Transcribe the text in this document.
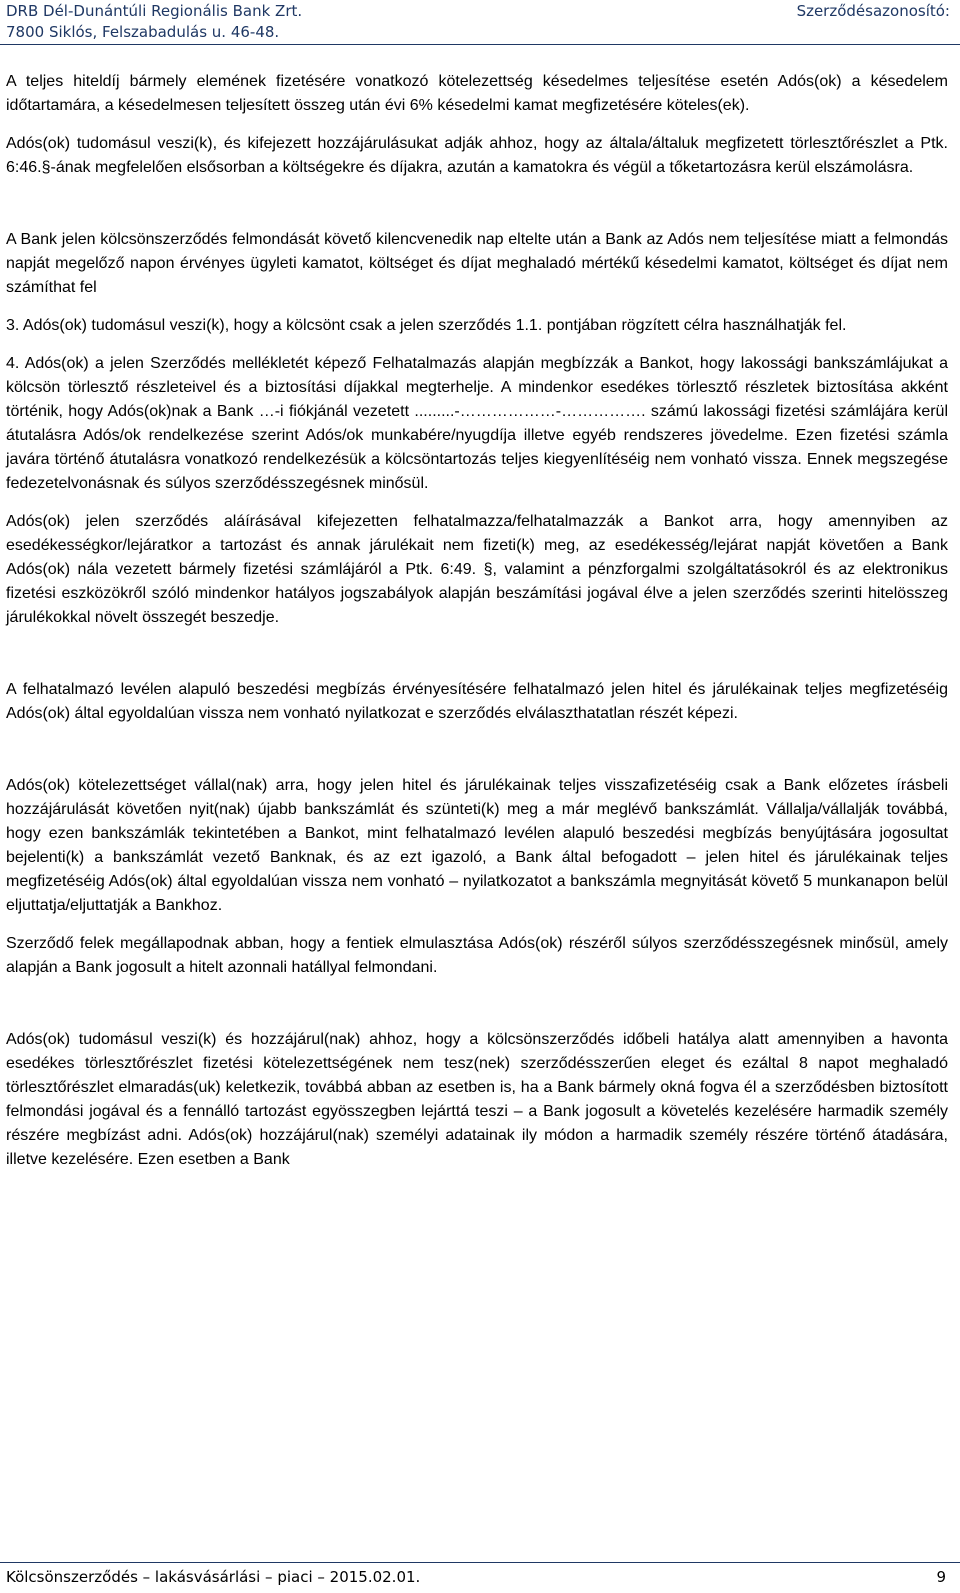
DRB Dél-Dunántúli Regionális Bank Zrt.
7800 Siklós, Felszabadulás u. 46-48.
Szerződésazonosító:

A teljes hiteldíj bármely elemének fizetésére vonatkozó kötelezettség késedelmes teljesítése esetén Adós(ok) a késedelem időtartamára, a késedelmesen teljesített összeg után évi 6% késedelmi kamat megfizetésére köteles(ek).

Adós(ok) tudomásul veszi(k), és kifejezett hozzájárulásukat adják ahhoz, hogy az általa/általuk megfizetett törlesztőrészlet a Ptk. 6:46.§-ának megfelelően elsősorban a költségekre és díjakra, azután a kamatokra és végül a tőketartozásra kerül elszámolásra.

A Bank jelen kölcsönszerződés felmondását követő kilencvenedik nap eltelte után a Bank az Adós nem teljesítése miatt a felmondás napját megelőző napon érvényes ügyleti kamatot, költséget és díjat meghaladó mértékű késedelmi kamatot, költséget és díjat nem számíthat fel

3. Adós(ok) tudomásul veszi(k), hogy a kölcsönt csak a jelen szerződés 1.1. pontjában rögzített célra használhatják fel.

4. Adós(ok) a jelen Szerződés mellékletét képező Felhatalmazás alapján megbízzák a Bankot, hogy lakossági bankszámlájukat a kölcsön törlesztő részleteivel és a biztosítási díjakkal megterhelje. A mindenkor esedékes törlesztő részletek biztosítása akként történik, hogy Adós(ok)nak a Bank …-i fiókjánál vezetett .........-………………-……………. számú lakossági fizetési számlájára kerül átutalásra Adós/ok rendelkezése szerint Adós/ok munkabére/nyugdíja illetve egyéb rendszeres jövedelme. Ezen fizetési számla javára történő átutalásra vonatkozó rendelkezésük a kölcsöntartozás teljes kiegyenlítéséig nem vonható vissza. Ennek megszegése fedezetelvonásnak és súlyos szerződésszegésnek minősül.

Adós(ok) jelen szerződés aláírásával kifejezetten felhatalmazza/felhatalmazzák a Bankot arra, hogy amennyiben az esedékességkor/lejáratkor a tartozást és annak járulékait nem fizeti(k) meg, az esedékesség/lejárat napját követően a Bank Adós(ok) nála vezetett bármely fizetési számlájáról a Ptk. 6:49. §, valamint a pénzforgalmi szolgáltatásokról és az elektronikus fizetési eszközökről szóló mindenkor hatályos jogszabályok alapján beszámítási jogával élve a jelen szerződés szerinti hitelösszeg járulékokkal növelt összegét beszedje.

A felhatalmazó levélen alapuló beszedési megbízás érvényesítésére felhatalmazó jelen hitel és járulékainak teljes megfizetéséig Adós(ok) által egyoldalúan vissza nem vonható nyilatkozat e szerződés elválaszthatatlan részét képezi.

Adós(ok) kötelezettséget vállal(nak) arra, hogy jelen hitel és járulékainak teljes visszafizetéséig csak a Bank előzetes írásbeli hozzájárulását követően nyit(nak) újabb bankszámlát és szünteti(k) meg a már meglévő bankszámlát. Vállalja/vállalják továbbá, hogy ezen bankszámlák tekintetében a Bankot, mint felhatalmazó levélen alapuló beszedési megbízás benyújtására jogosultat bejelenti(k) a bankszámlát vezető Banknak, és az ezt igazoló, a Bank által befogadott – jelen hitel és járulékainak teljes megfizetéséig Adós(ok) által egyoldalúan vissza nem vonható – nyilatkozatot a bankszámla megnyitását követő 5 munkanapon belül eljuttatja/eljuttatják a Bankhoz.

Szerződő felek megállapodnak abban, hogy a fentiek elmulasztása Adós(ok) részéről súlyos szerződésszegésnek minősül, amely alapján a Bank jogosult a hitelt azonnali hatállyal felmondani.

Adós(ok) tudomásul veszi(k) és hozzájárul(nak) ahhoz, hogy a kölcsönszerződés időbeli hatálya alatt amennyiben a havonta esedékes törlesztőrészlet fizetési kötelezettségének nem tesz(nek) szerződésszerűen eleget és ezáltal 8 napot meghaladó törlesztőrészlet elmaradás(uk) keletkezik, továbbá abban az esetben is, ha a Bank bármely okná fogva él a szerződésben biztosított felmondási jogával és a fennálló tartozást egyösszegben lejárttá teszi – a Bank jogosult a követelés kezelésére harmadik személy részére megbízást adni. Adós(ok) hozzájárul(nak) személyi adatainak ily módon a harmadik személy részére történő átadására, illetve kezelésére. Ezen esetben a Bank

Kölcsönszerződés – lakásvásárlási – piaci – 2015.02.01.	9
